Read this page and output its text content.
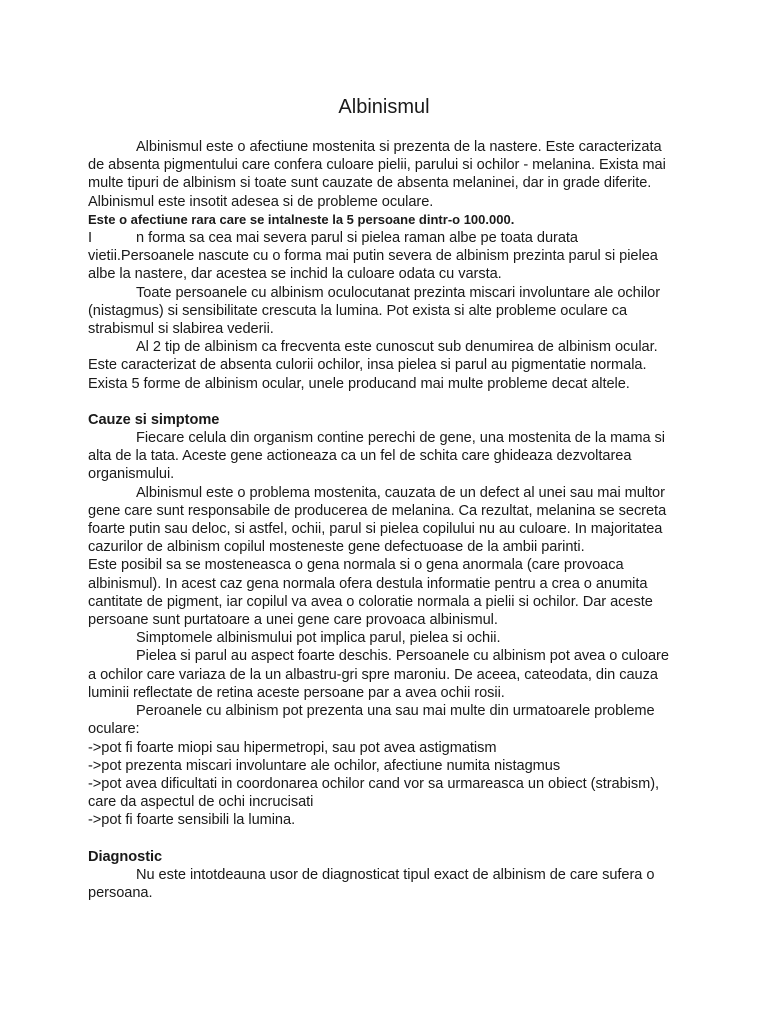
Albinismul

Albinismul este o afectiune mostenita si prezenta de la nastere. Este caracterizata de absenta pigmentului care confera culoare pielii, parului si ochilor - melanina. Exista mai multe tipuri de albinism si toate sunt cauzate de absenta melaninei, dar in grade diferite. Albinismul este insotit adesea si de probleme oculare.

Este o afectiune rara care se intalneste la 5 persoane dintr-o 100.000.

I	n forma sa cea mai severa parul si pielea raman albe pe toata durata vietii.Persoanele nascute cu o forma mai putin severa de albinism prezinta parul si pielea albe la nastere, dar acestea se inchid la culoare odata cu varsta.

Toate persoanele cu albinism oculocutanat prezinta miscari involuntare ale ochilor (nistagmus) si sensibilitate crescuta la lumina. Pot exista si alte probleme oculare ca strabismul si slabirea vederii.

Al 2 tip de albinism ca frecventa este cunoscut sub denumirea de albinism ocular. Este caracterizat de absenta culorii ochilor, insa pielea si parul au pigmentatie normala. Exista 5 forme de albinism ocular, unele producand mai multe probleme decat altele.

Cauze si simptome

Fiecare celula din organism contine perechi de gene, una mostenita de la mama si alta de la tata. Aceste gene actioneaza ca un fel de schita care ghideaza dezvoltarea organismului.

Albinismul este o problema mostenita, cauzata de un defect al unei sau mai multor gene care sunt responsabile de producerea de melanina. Ca rezultat, melanina se secreta foarte putin sau deloc, si astfel, ochii, parul si pielea copilului nu au culoare. In majoritatea cazurilor de albinism copilul mosteneste gene defectuoase de la ambii parinti.

Este posibil sa se mosteneasca o gena normala si o gena anormala (care provoaca albinismul). In acest caz gena normala ofera destula informatie pentru a crea o anumita cantitate de pigment, iar copilul va avea o coloratie normala a pielii si ochilor. Dar aceste persoane sunt purtatoare a unei gene care provoaca albinismul.

Simptomele albinismului pot implica parul, pielea si ochii.

Pielea si parul au aspect foarte deschis. Persoanele cu albinism pot avea o culoare a ochilor care variaza de la un albastru-gri spre maroniu. De aceea, cateodata, din cauza luminii reflectate de retina aceste persoane par a avea ochii rosii.

Peroanele cu albinism pot prezenta una sau mai multe din urmatoarele probleme oculare:

->pot fi foarte miopi sau hipermetropi, sau pot avea astigmatism

->pot prezenta miscari involuntare ale ochilor, afectiune numita nistagmus

->pot avea dificultati in coordonarea ochilor cand vor sa urmareasca un obiect (strabism), care da aspectul de ochi incrucisati

->pot fi foarte sensibili la lumina.

Diagnostic

Nu este intotdeauna usor de diagnosticat tipul exact de albinism de care sufera o persoana.
